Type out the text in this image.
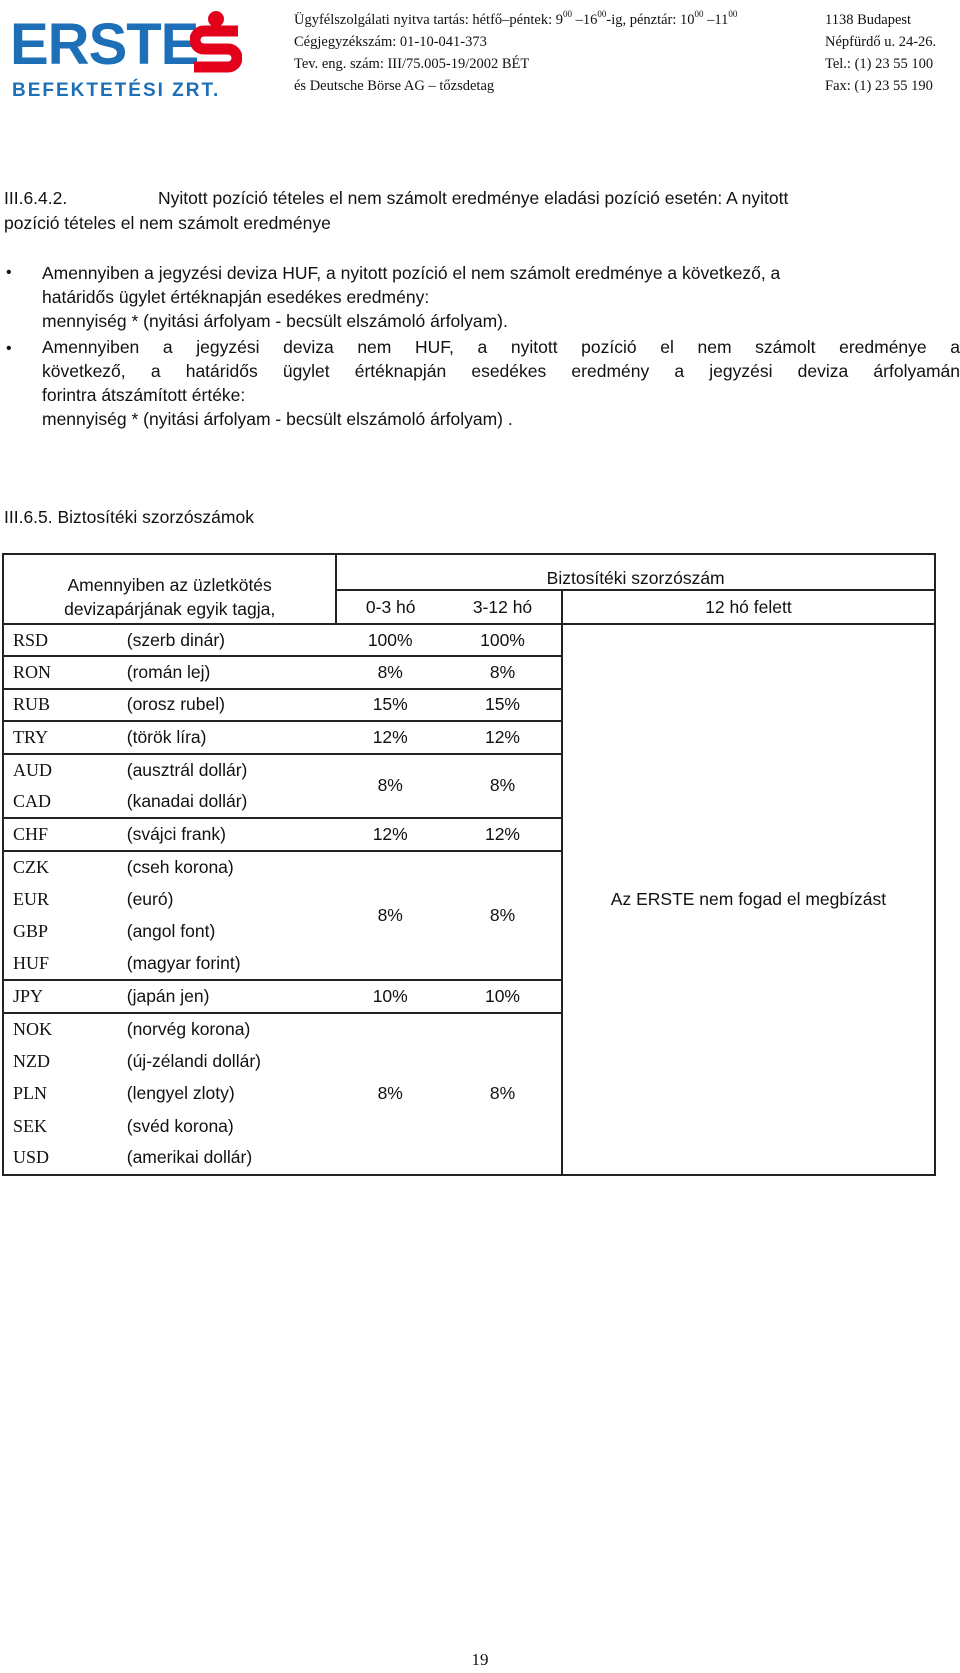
ERSTE
BEFEKTETÉSI ZRT.
Ügyfélszolgálati nyitva tartás: hétfő–péntek: $9^{00}$ $-16^{00}-ig$, pénztár: $10^{00}$ $-11^{00}$
Cégjegyzékszám: 01-10-041-373
Tev. eng. szám: III/75.005-19/2002 BÉT
és Deutsche Börse AG – tőzsdetag
1138 Budapest
Népfürdő u. 24-26.
Tel.: (1) 23 55 100
Fax: (1) 23 55 190
III.6.4.2.	Nyitott pozíció tételes el nem számolt eredménye eladási pozíció esetén: A nyitott
pozíció tételes el nem számolt eredménye
• Amennyiben a jegyzési deviza HUF, a nyitott pozíció el nem számolt eredménye a következő, a
határidős ügylet értéknapján esedékes eredmény:
mennyiség * (nyitási árfolyam - becsült elszámoló árfolyam).
• Amennyiben a jegyzési deviza nem HUF, a nyitott pozíció el nem számolt eredménye a
következő, a határidős ügylet értéknapján esedékes eredmény a jegyzési deviza árfolyamán
forintra átszámított értéke:
mennyiség * (nyitási árfolyam - becsült elszámoló árfolyam) .
III.6.5. Biztosítéki szorzószámok
Amennyiben az üzletkötés
devizapárjának egyik tagja,		Biztosítéki szorzószám		
		0-3 hó	3-12 hó	12 hó felett
RSD	(szerb dinár)	100%	100%	Az ERSTE nem fogad el megbízást
RON	(román lej)	8%	8%	
RUB	(orosz rubel)	15%	15%	
TRY	(török líra)	12%	12%	
AUD	(ausztrál dollár)	8%	8%	
CAD	(kanadai dollár)			
CHF	(svájci frank)	12%	12%	
CZK	(cseh korona)	8%	8%	
EUR	(euró)			
GBP	(angol font)			
HUF	(magyar forint)			
JPY	(japán jen)	10%	10%	
NOK	(norvég korona)	8%	8%	
NZD	(új-zélandi dollár)			
PLN	(lengyel zloty)			
SEK	(svéd korona)			
USD	(amerikai dollár)			
19
